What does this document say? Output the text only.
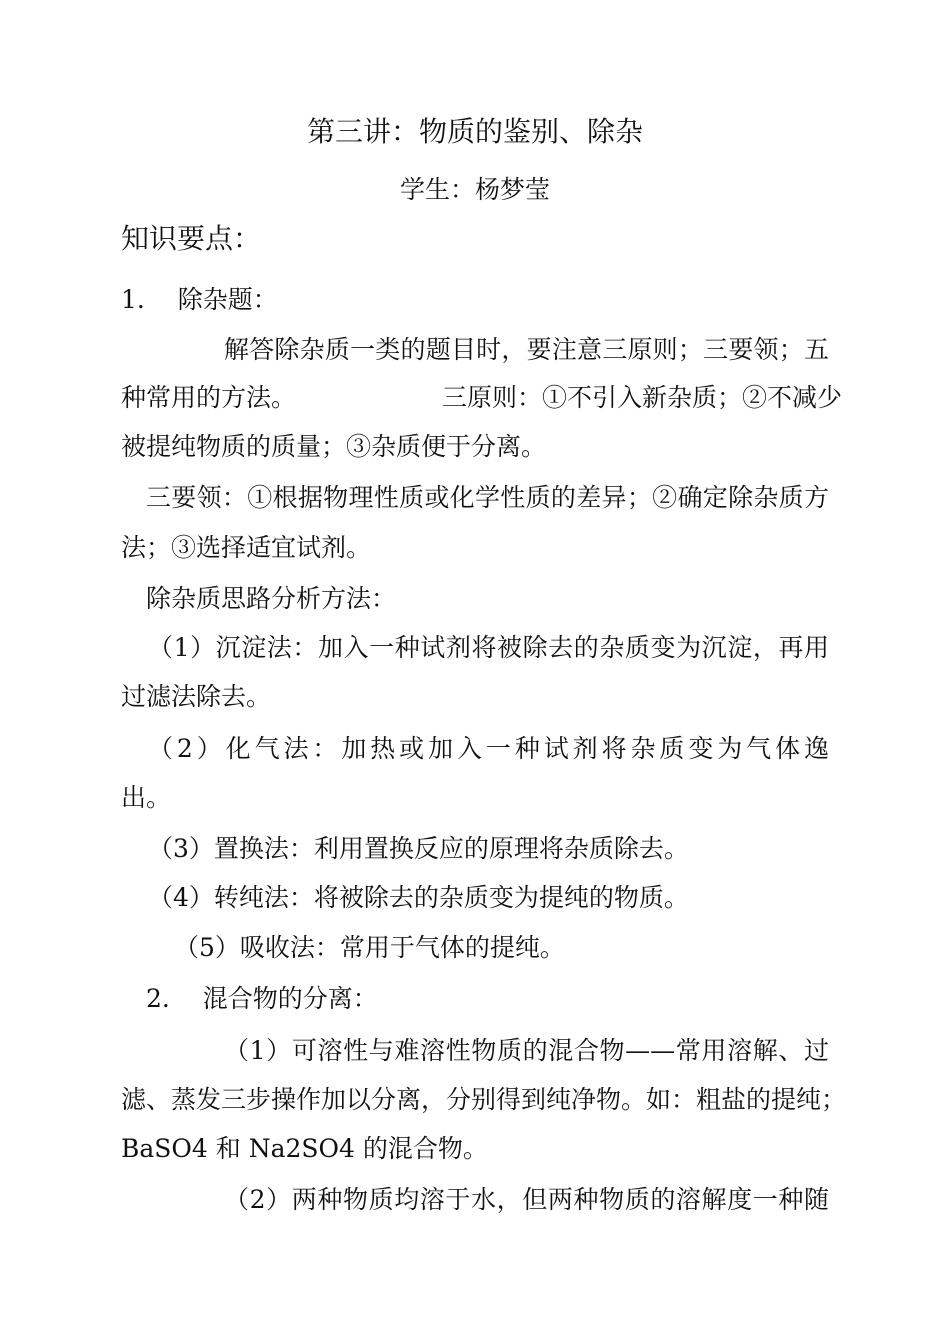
第三讲：物质的鉴别、除杂
学生：杨梦莹
知识要点：
1.　 除杂题：
解答除杂质一类的题目时，要注意三原则；三要领；五
种常用的方法。	三原则：①不引入新杂质；②不减少
被提纯物质的质量；③杂质便于分离。
三要领：①根据物理性质或化学性质的差异；②确定除杂质方
法；③选择适宜试剂。
除杂质思路分析方法：
（1）沉淀法：加入一种试剂将被除去的杂质变为沉淀，再用
过滤法除去。
（2）化气法：加热或加入一种试剂将杂质变为气体逸
出。
（3）置换法：利用置换反应的原理将杂质除去。
（4）转纯法：将被除去的杂质变为提纯的物质。
（5）吸收法：常用于气体的提纯。
2.　 混合物的分离：
（1）可溶性与难溶性物质的混合物——常用溶解、过
滤、蒸发三步操作加以分离，分别得到纯净物。如：粗盐的提纯；
BaSO4 和 Na2SO4 的混合物。
（2）两种物质均溶于水，但两种物质的溶解度一种随
